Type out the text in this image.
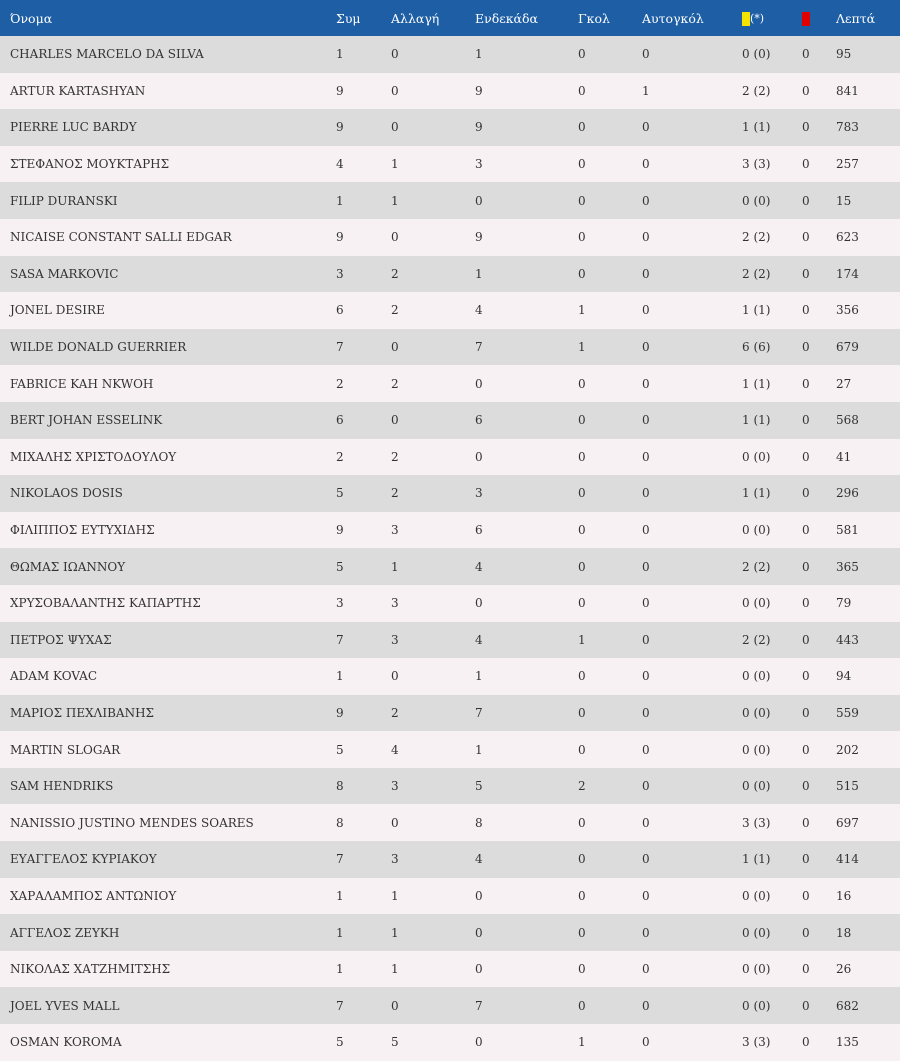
Όνομα	Συμ	Αλλαγή	Ενδεκάδα	Γκολ	Αυτογκόλ	(*)		Λεπτά
CHARLES MARCELO DA SILVA	1	0	1	0	0	0 (0)	0	95
ARTUR KARTASHYAN	9	0	9	0	1	2 (2)	0	841
PIERRE LUC BARDY	9	0	9	0	0	1 (1)	0	783
ΣΤΕΦΑΝΟΣ ΜΟΥΚΤΑΡΗΣ	4	1	3	0	0	3 (3)	0	257
FILIP DURANSKI	1	1	0	0	0	0 (0)	0	15
NICAISE CONSTANT SALLI EDGAR	9	0	9	0	0	2 (2)	0	623
SASA MARKOVIC	3	2	1	0	0	2 (2)	0	174
JONEL DESIRE	6	2	4	1	0	1 (1)	0	356
WILDE DONALD GUERRIER	7	0	7	1	0	6 (6)	0	679
FABRICE KAH NKWOH	2	2	0	0	0	1 (1)	0	27
BERT JOHAN ESSELINK	6	0	6	0	0	1 (1)	0	568
ΜΙΧΑΛΗΣ ΧΡΙΣΤΟΔΟΥΛΟΥ	2	2	0	0	0	0 (0)	0	41
NIKOLAOS DOSIS	5	2	3	0	0	1 (1)	0	296
ΦΙΛΙΠΠΟΣ ΕΥΤΥΧΙΔΗΣ	9	3	6	0	0	0 (0)	0	581
ΘΩΜΑΣ ΙΩΑΝΝΟΥ	5	1	4	0	0	2 (2)	0	365
ΧΡΥΣΟΒΑΛΑΝΤΗΣ ΚΑΠΑΡΤΗΣ	3	3	0	0	0	0 (0)	0	79
ΠΕΤΡΟΣ ΨΥΧΑΣ	7	3	4	1	0	2 (2)	0	443
ADAM KOVAC	1	0	1	0	0	0 (0)	0	94
ΜΑΡΙΟΣ ΠΕΧΛΙΒΑΝΗΣ	9	2	7	0	0	0 (0)	0	559
MARTIN SLOGAR	5	4	1	0	0	0 (0)	0	202
SAM HENDRIKS	8	3	5	2	0	0 (0)	0	515
NANISSIO JUSTINO MENDES SOARES	8	0	8	0	0	3 (3)	0	697
ΕΥΑΓΓΕΛΟΣ ΚΥΡΙΑΚΟΥ	7	3	4	0	0	1 (1)	0	414
ΧΑΡΑΛΑΜΠΟΣ ΑΝΤΩΝΙΟΥ	1	1	0	0	0	0 (0)	0	16
ΑΓΓΕΛΟΣ ΖΕΥΚΗ	1	1	0	0	0	0 (0)	0	18
ΝΙΚΟΛΑΣ ΧΑΤΖΗΜΙΤΣΗΣ	1	1	0	0	0	0 (0)	0	26
JOEL YVES MALL	7	0	7	0	0	0 (0)	0	682
OSMAN KOROMA	5	5	0	1	0	3 (3)	0	135
